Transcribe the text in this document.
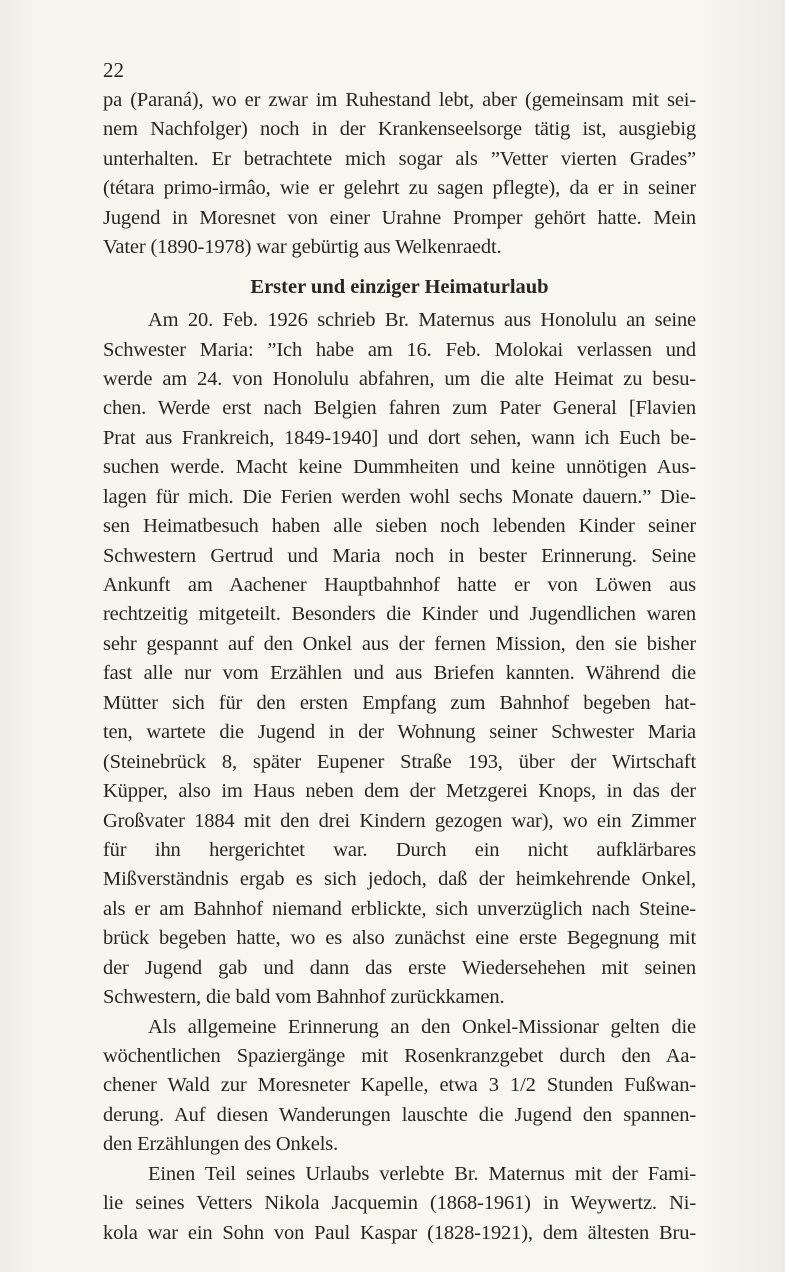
22
pa (Paraná), wo er zwar im Ruhestand lebt, aber (gemeinsam mit sei-
nem Nachfolger) noch in der Krankenseelsorge tätig ist, ausgiebig
unterhalten. Er betrachtete mich sogar als ”Vetter vierten Grades”
(tétara primo-irmâo, wie er gelehrt zu sagen pflegte), da er in seiner
Jugend in Moresnet von einer Urahne Promper gehört hatte. Mein
Vater (1890-1978) war gebürtig aus Welkenraedt.
Erster und einziger Heimaturlaub
Am 20. Feb. 1926 schrieb Br. Maternus aus Honolulu an seine
Schwester Maria: ”Ich habe am 16. Feb. Molokai verlassen und
werde am 24. von Honolulu abfahren, um die alte Heimat zu besu-
chen. Werde erst nach Belgien fahren zum Pater General [Flavien
Prat aus Frankreich, 1849-1940] und dort sehen, wann ich Euch be-
suchen werde. Macht keine Dummheiten und keine unnötigen Aus-
lagen für mich. Die Ferien werden wohl sechs Monate dauern.” Die-
sen Heimatbesuch haben alle sieben noch lebenden Kinder seiner
Schwestern Gertrud und Maria noch in bester Erinnerung. Seine
Ankunft am Aachener Hauptbahnhof hatte er von Löwen aus
rechtzeitig mitgeteilt. Besonders die Kinder und Jugendlichen waren
sehr gespannt auf den Onkel aus der fernen Mission, den sie bisher
fast alle nur vom Erzählen und aus Briefen kannten. Während die
Mütter sich für den ersten Empfang zum Bahnhof begeben hat-
ten, wartete die Jugend in der Wohnung seiner Schwester Maria
(Steinebrück 8, später Eupener Straße 193, über der Wirtschaft
Küpper, also im Haus neben dem der Metzgerei Knops, in das der
Großvater 1884 mit den drei Kindern gezogen war), wo ein Zimmer
für ihn hergerichtet war. Durch ein nicht aufklärbares
Mißverständnis ergab es sich jedoch, daß der heimkehrende Onkel,
als er am Bahnhof niemand erblickte, sich unverzüglich nach Steine-
brück begeben hatte, wo es also zunächst eine erste Begegnung mit
der Jugend gab und dann das erste Wiedersehehen mit seinen
Schwestern, die bald vom Bahnhof zurückkamen.
Als allgemeine Erinnerung an den Onkel-Missionar gelten die
wöchentlichen Spaziergänge mit Rosenkranzgebet durch den Aa-
chener Wald zur Moresneter Kapelle, etwa 3 1/2 Stunden Fußwan-
derung. Auf diesen Wanderungen lauschte die Jugend den spannen-
den Erzählungen des Onkels.
Einen Teil seines Urlaubs verlebte Br. Maternus mit der Fami-
lie seines Vetters Nikola Jacquemin (1868-1961) in Weywertz. Ni-
kola war ein Sohn von Paul Kaspar (1828-1921), dem ältesten Bru-
